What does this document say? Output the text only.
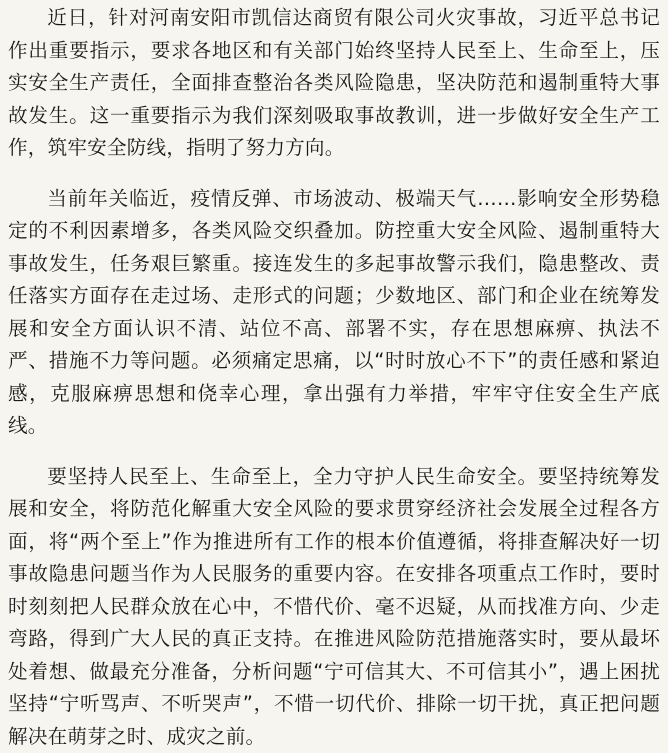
近日，针对河南安阳市凯信达商贸有限公司火灾事故，习近平总书记作出重要指示，要求各地区和有关部门始终坚持人民至上、生命至上，压实安全生产责任，全面排查整治各类风险隐患，坚决防范和遏制重特大事故发生。这一重要指示为我们深刻吸取事故教训，进一步做好安全生产工作，筑牢安全防线，指明了努力方向。

当前年关临近，疫情反弹、市场波动、极端天气……影响安全形势稳定的不利因素增多，各类风险交织叠加。防控重大安全风险、遏制重特大事故发生，任务艰巨繁重。接连发生的多起事故警示我们，隐患整改、责任落实方面存在走过场、走形式的问题；少数地区、部门和企业在统筹发展和安全方面认识不清、站位不高、部署不实，存在思想麻痹、执法不严、措施不力等问题。必须痛定思痛，以“时时放心不下”的责任感和紧迫感，克服麻痹思想和侥幸心理，拿出强有力举措，牢牢守住安全生产底线。

要坚持人民至上、生命至上，全力守护人民生命安全。要坚持统筹发展和安全，将防范化解重大安全风险的要求贯穿经济社会发展全过程各方面，将“两个至上”作为推进所有工作的根本价值遵循，将排查解决好一切事故隐患问题当作为人民服务的重要内容。在安排各项重点工作时，要时时刻刻把人民群众放在心中，不惜代价、毫不迟疑，从而找准方向、少走弯路，得到广大人民的真正支持。在推进风险防范措施落实时，要从最坏处着想、做最充分准备，分析问题“宁可信其大、不可信其小”，遇上困扰坚持“宁听骂声、不听哭声”，不惜一切代价、排除一切干扰，真正把问题解决在萌芽之时、成灾之前。
